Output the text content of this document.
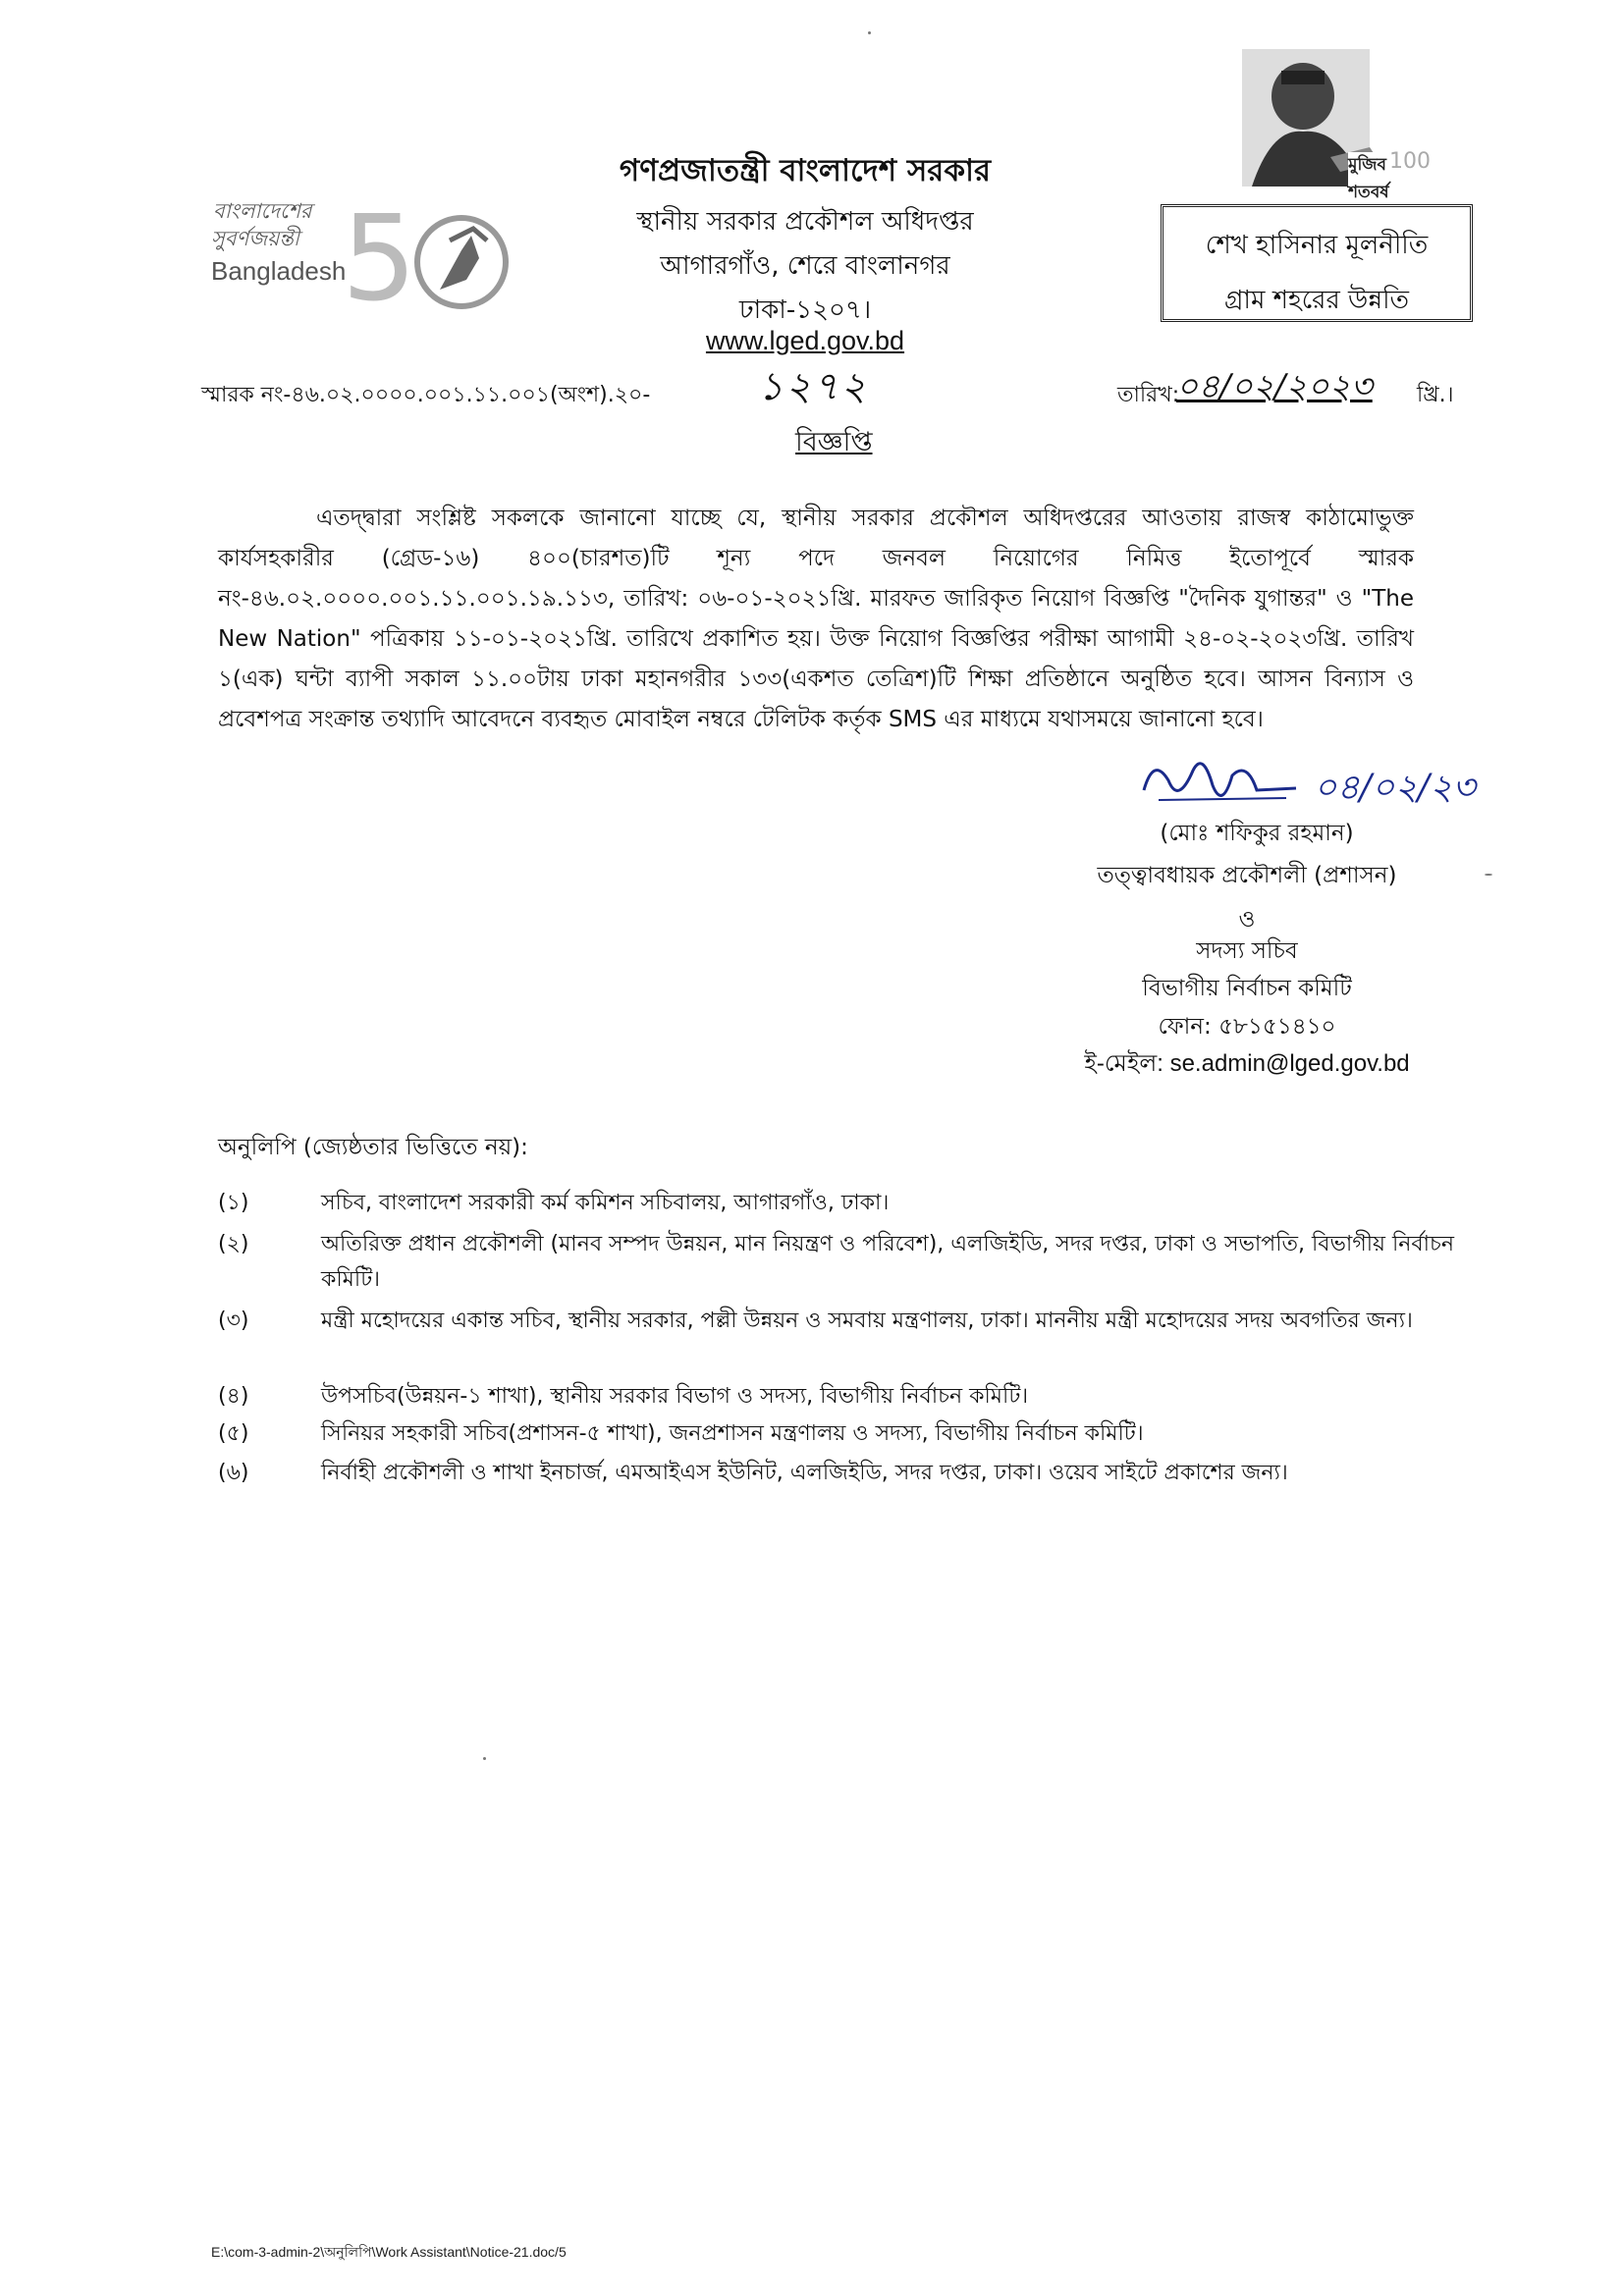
বাংলাদেশের
সুবর্ণজয়ন্তী
Bangladesh
5
গণপ্রজাতন্ত্রী বাংলাদেশ সরকার
স্থানীয় সরকার প্রকৌশল অধিদপ্তর
আগারগাঁও, শেরে বাংলানগর
ঢাকা-১২০৭।
www.lged.gov.bd
মুজিব শতবর্ষ
100
শেখ হাসিনার মূলনীতি
গ্রাম শহরের উন্নতি
স্মারক নং-৪৬.০২.০০০০.০০১.১১.০০১(অংশ).২০-	১২৭২	তারিখ:
০৪/০২/২০২৩ খ্রি.।
বিজ্ঞপ্তি
এতদ্দ্বারা সংশ্লিষ্ট সকলকে জানানো যাচ্ছে যে, স্থানীয় সরকার প্রকৌশল অধিদপ্তরের আওতায় রাজস্ব কাঠামোভুক্ত কার্যসহকারীর (গ্রেড-১৬) ৪০০(চারশত)টি শূন্য পদে জনবল নিয়োগের নিমিত্ত ইতোপূর্বে স্মারক নং-৪৬.০২.০০০০.০০১.১১.০০১.১৯.১১৩, তারিখ: ০৬-০১-২০২১খ্রি. মারফত জারিকৃত নিয়োগ বিজ্ঞপ্তি "দৈনিক যুগান্তর" ও "The New Nation" পত্রিকায় ১১-০১-২০২১খ্রি. তারিখে প্রকাশিত হয়। উক্ত নিয়োগ বিজ্ঞপ্তির পরীক্ষা আগামী ২৪-০২-২০২৩খ্রি. তারিখ ১(এক) ঘন্টা ব্যাপী সকাল ১১.০০টায় ঢাকা মহানগরীর ১৩৩(একশত তেত্রিশ)টি শিক্ষা প্রতিষ্ঠানে অনুষ্ঠিত হবে। আসন বিন্যাস ও প্রবেশপত্র সংক্রান্ত তথ্যাদি আবেদনে ব্যবহৃত মোবাইল নম্বরে টেলিটক কর্তৃক SMS এর মাধ্যমে যথাসময়ে জানানো হবে।
০৪/০২/২৩
(মোঃ শফিকুর রহমান)
তত্ত্বাবধায়ক প্রকৌশলী (প্রশাসন)
ও
সদস্য সচিব
বিভাগীয় নির্বাচন কমিটি
ফোন: ৫৮১৫১৪১০
ই-মেইল: se.admin@lged.gov.bd
অনুলিপি (জ্যেষ্ঠতার ভিত্তিতে নয়):
(১)	সচিব, বাংলাদেশ সরকারী কর্ম কমিশন সচিবালয়, আগারগাঁও, ঢাকা।
(২)	অতিরিক্ত প্রধান প্রকৌশলী (মানব সম্পদ উন্নয়ন, মান নিয়ন্ত্রণ ও পরিবেশ), এলজিইডি, সদর দপ্তর, ঢাকা ও সভাপতি, বিভাগীয় নির্বাচন কমিটি।
(৩)	মন্ত্রী মহোদয়ের একান্ত সচিব, স্থানীয় সরকার, পল্লী উন্নয়ন ও সমবায় মন্ত্রণালয়, ঢাকা। মাননীয় মন্ত্রী মহোদয়ের সদয় অবগতির জন্য।
(৪)	উপসচিব(উন্নয়ন-১ শাখা), স্থানীয় সরকার বিভাগ ও সদস্য, বিভাগীয় নির্বাচন কমিটি।
(৫)	সিনিয়র সহকারী সচিব(প্রশাসন-৫ শাখা), জনপ্রশাসন মন্ত্রণালয় ও সদস্য, বিভাগীয় নির্বাচন কমিটি।
(৬)	নির্বাহী প্রকৌশলী ও শাখা ইনচার্জ, এমআইএস ইউনিট, এলজিইডি, সদর দপ্তর, ঢাকা। ওয়েব সাইটে প্রকাশের জন্য।
E:\com-3-admin-2\অনুলিপি\Work Assistant\Notice-21.doc/5
